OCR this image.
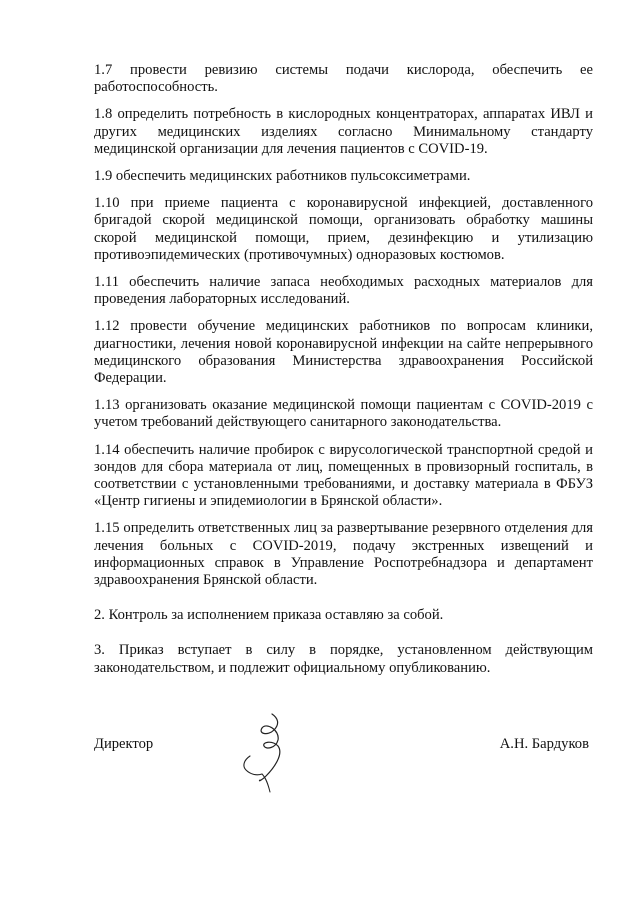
1.7 провести ревизию системы подачи кислорода, обеспечить ее работоспособность.

1.8 определить потребность в кислородных концентраторах, аппаратах ИВЛ и других медицинских изделиях согласно Минимальному стандарту медицинской организации для лечения пациентов с COVID-19.

1.9 обеспечить медицинских работников пульсоксиметрами.

1.10 при приеме пациента с коронавирусной инфекцией, доставленного бригадой скорой медицинской помощи, организовать обработку машины скорой медицинской помощи, прием, дезинфекцию и утилизацию противоэпидемических (противочумных) одноразовых костюмов.

1.11 обеспечить наличие запаса необходимых расходных материалов для проведения лабораторных исследований.

1.12 провести обучение медицинских работников по вопросам клиники, диагностики, лечения новой коронавирусной инфекции на сайте непрерывного медицинского образования Министерства здравоохранения Российской Федерации.

1.13 организовать оказание медицинской помощи пациентам с COVID-2019 с учетом требований действующего санитарного законодательства.

1.14 обеспечить наличие пробирок с вирусологической транспортной средой и зондов для сбора материала от лиц, помещенных в провизорный госпиталь, в соответствии с установленными требованиями, и доставку материала в ФБУЗ «Центр гигиены и эпидемиологии в Брянской области».

1.15 определить ответственных лиц за развертывание резервного отделения для лечения больных с COVID-2019, подачу экстренных извещений и информационных справок в Управление Роспотребнадзора и департамент здравоохранения Брянской области.

2. Контроль за исполнением приказа оставляю за собой.

3. Приказ вступает в силу в порядке, установленном действующим законодательством, и подлежит официальному опубликованию.

Директор	А.Н. Бардуков
